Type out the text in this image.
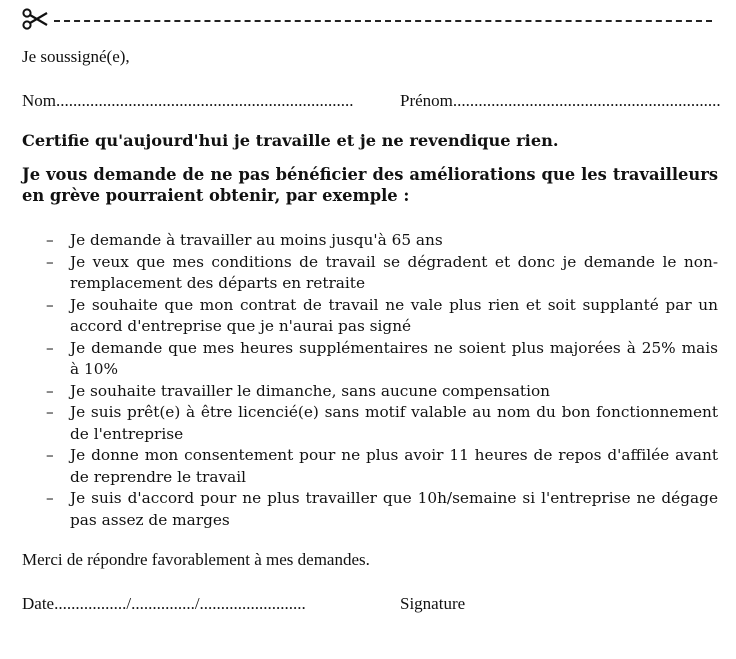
Je soussigné(e),
Nom......................................................................	Prénom...............................................................
Certifie qu'aujourd'hui je travaille et je ne revendique rien.
Je vous demande de ne pas bénéficier des améliorations que les travailleurs en grève pourraient obtenir, par exemple :
– Je demande à travailler au moins jusqu'à 65 ans
– Je veux que mes conditions de travail se dégradent et donc je demande le non-remplacement des départs en retraite
– Je souhaite que mon contrat de travail ne vale plus rien et soit supplanté par un accord d'entreprise que je n'aurai pas signé
– Je demande que mes heures supplémentaires ne soient plus majorées à 25% mais à 10%
– Je souhaite travailler le dimanche, sans aucune compensation
– Je suis prêt(e) à être licencié(e) sans motif valable au nom du bon fonctionnement de l'entreprise
– Je donne mon consentement pour ne plus avoir 11 heures de repos d'affilée avant de reprendre le travail
– Je suis d'accord pour ne plus travailler que 10h/semaine si l'entreprise ne dégage pas assez de marges
Merci de répondre favorablement à mes demandes.
Date................./.............../.........................	Signature
